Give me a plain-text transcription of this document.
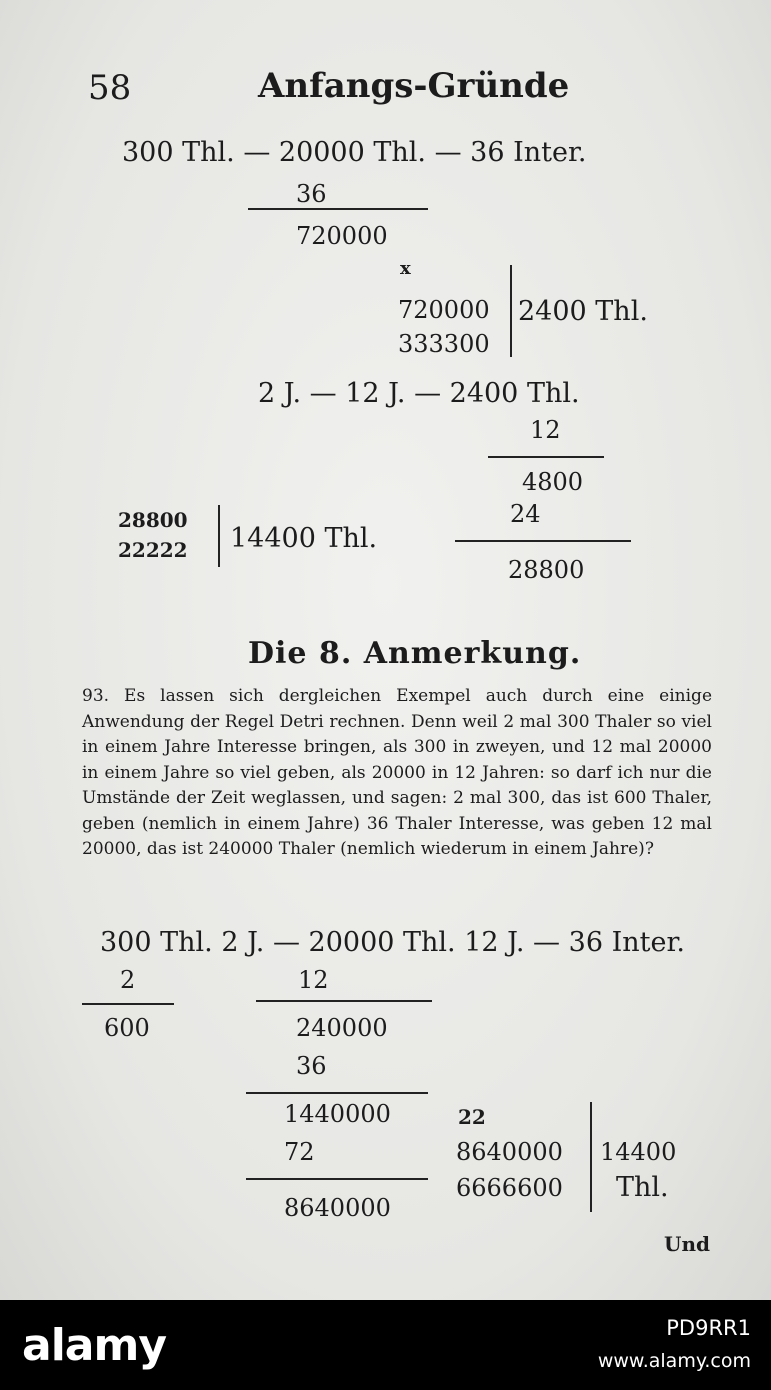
58	Anfangs-Gründe
300 Thl. — 20000 Thl. — 36 Inter.
36
720000
x
720000
333300
2400 Thl.
2 J. — 12 J. — 2400 Thl.
12
4800
24
28800
28800
22222 14400 Thl.
Die 8. Anmerkung.
93. Es lassen sich dergleichen Exempel auch durch eine einige Anwendung der Regel Detri rechnen. Denn weil 2 mal 300 Thaler so viel in einem Jahre Interesse bringen, als 300 in zweyen, und 12 mal 20000 in einem Jahre so viel geben, als 20000 in 12 Jahren: so darf ich nur die Umstände der Zeit weglassen, und sagen: 2 mal 300, das ist 600 Thaler, geben (nemlich in einem Jahre) 36 Thaler Interesse, was geben 12 mal 20000, das ist 240000 Thaler (nemlich wiederum in einem Jahre)?
300 Thl. 2 J. — 20000 Thl. 12 J. — 36 Inter.
2
600
12
240000
36
1440000
72
8640000
22
8640000
6666600
14400
Thl.
Und
alamy	PD9RR1
www.alamy.com
